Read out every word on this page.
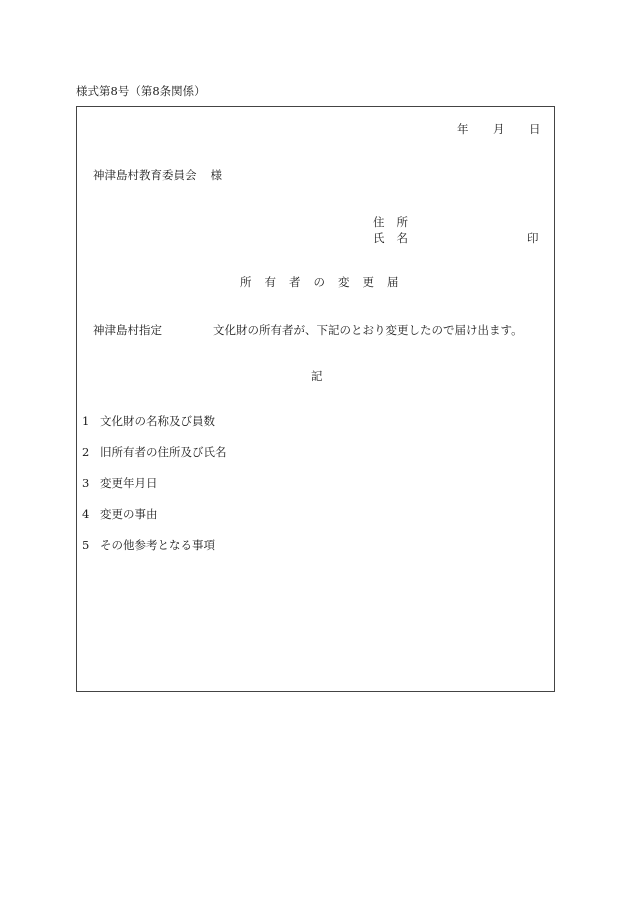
様式第8号（第8条関係）
年 月 日
神津島村教育委員会 様
住所
氏名	印
所有者の変更届
神津島村指定	文化財の所有者が、下記のとおり変更したので届け出ます。
記
1 文化財の名称及び員数
2 旧所有者の住所及び氏名
3 変更年月日
4 変更の事由
5 その他参考となる事項
